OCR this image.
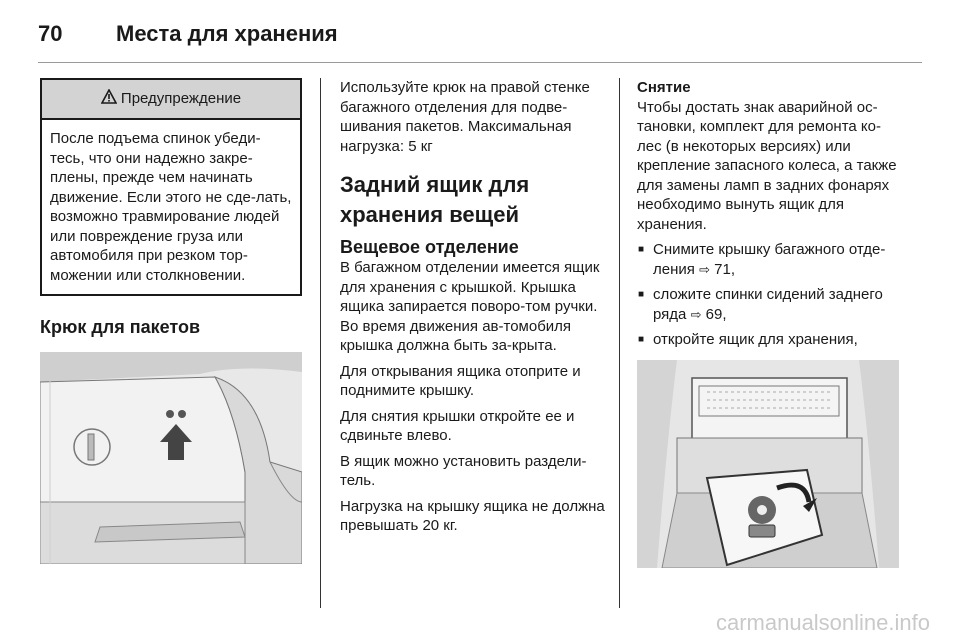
70	Места для хранения
Предупреждение
После подъема спинок убеди-тесь, что они надежно закре-плены, прежде чем начинать движение. Если этого не сде-лать, возможно травмирование людей или повреждение груза или автомобиля при резком тор-можении или столкновении.
Крюк для пакетов
Используйте крюк на правой стенке багажного отделения для подве-шивания пакетов. Максимальная нагрузка: 5 кг
Задний ящик для хранения вещей
Вещевое отделение
В багажном отделении имеется ящик для хранения с крышкой. Крышка ящика запирается поворо-том ручки. Во время движения ав-томобиля крышка должна быть за-крыта.
Для открывания ящика отоприте и поднимите крышку.
Для снятия крышки откройте ее и сдвиньте влево.
В ящик можно установить раздели-тель.
Нагрузка на крышку ящика не должна превышать 20 кг.
Снятие
Чтобы достать знак аварийной ос-тановки, комплект для ремонта ко-лес (в некоторых версиях) или крепление запасного колеса, а также для замены ламп в задних фонарях необходимо вынуть ящик для хранения.
■ Снимите крышку багажного отде-ления ⇨ 71,
■ сложите спинки сидений заднего ряда ⇨ 69,
■ откройте ящик для хранения,
carmanualsonline.info
